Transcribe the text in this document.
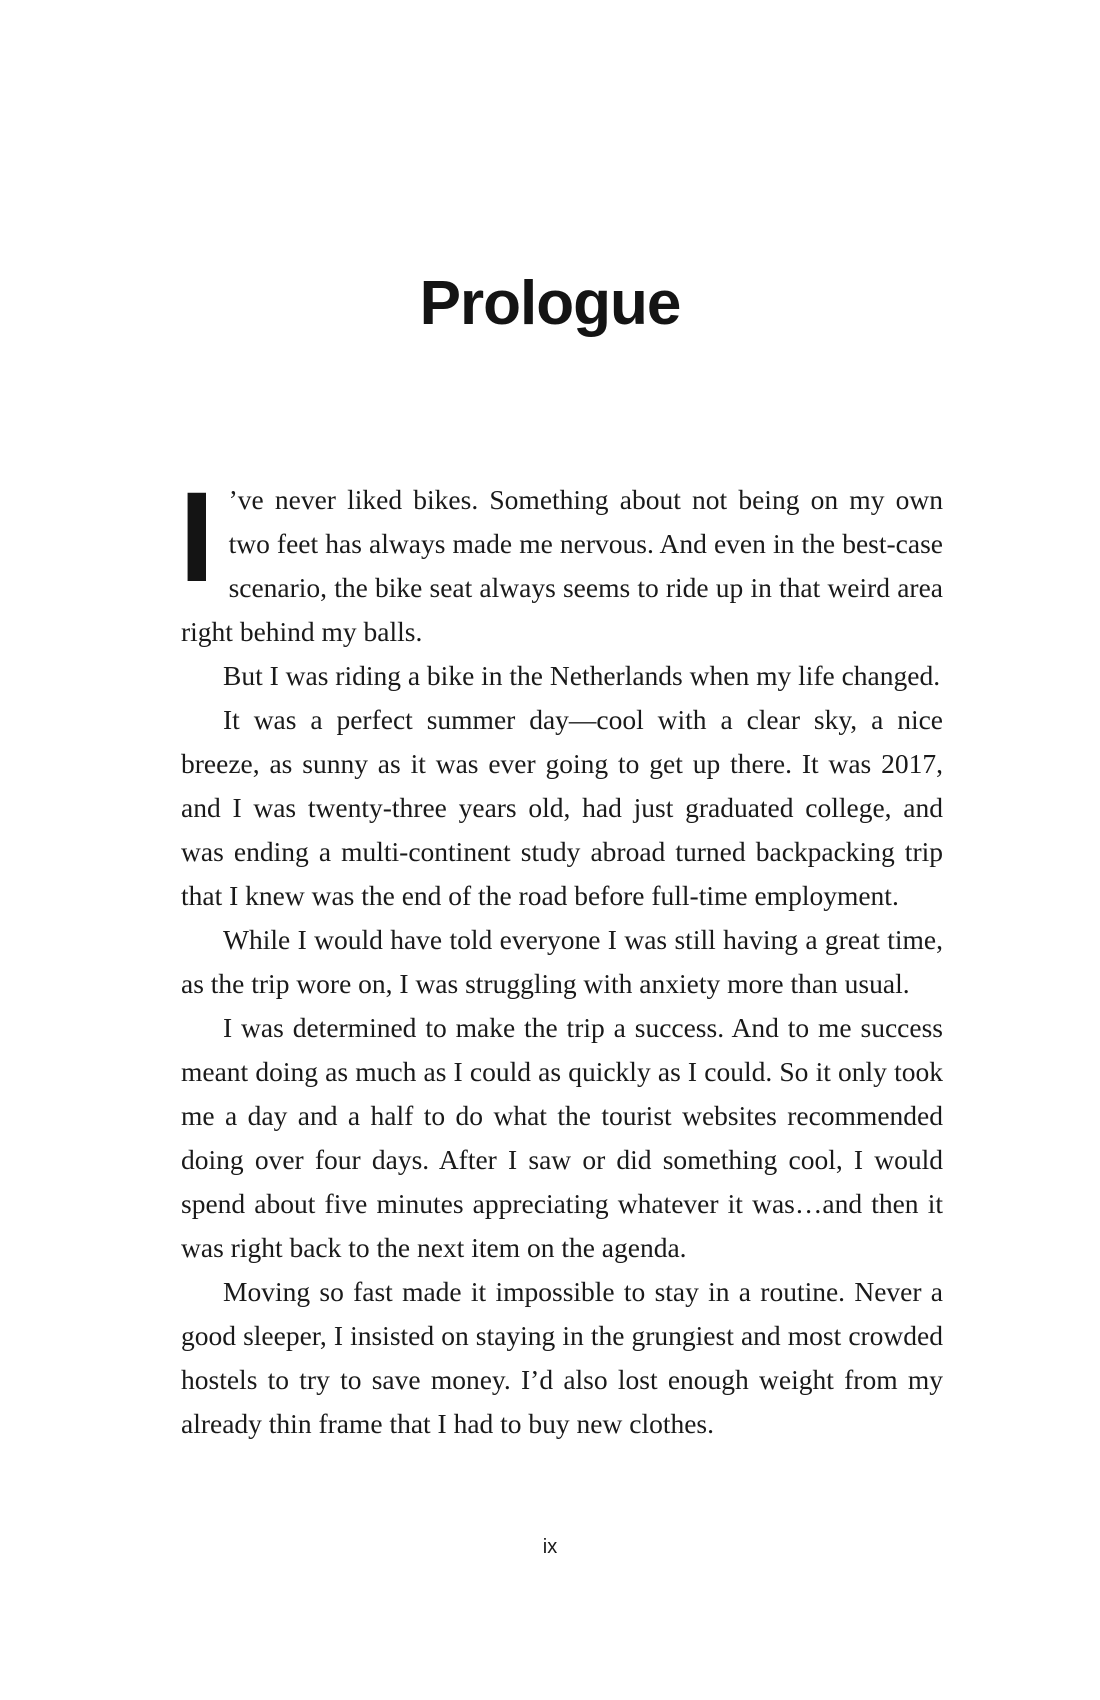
Prologue

I ’ve never liked bikes. Something about not being on my own two feet has always made me nervous. And even in the best-case scenario, the bike seat always seems to ride up in that weird area right behind my balls.

But I was riding a bike in the Netherlands when my life changed.

It was a perfect summer day—cool with a clear sky, a nice breeze, as sunny as it was ever going to get up there. It was 2017, and I was twenty-three years old, had just graduated college, and was ending a multi-continent study abroad turned backpacking trip that I knew was the end of the road before full-time employment.

While I would have told everyone I was still having a great time, as the trip wore on, I was struggling with anxiety more than usual.

I was determined to make the trip a success. And to me success meant doing as much as I could as quickly as I could. So it only took me a day and a half to do what the tourist websites recommended doing over four days. After I saw or did something cool, I would spend about five minutes appreciating whatever it was…and then it was right back to the next item on the agenda.

Moving so fast made it impossible to stay in a routine. Never a good sleeper, I insisted on staying in the grungiest and most crowded hostels to try to save money. I’d also lost enough weight from my already thin frame that I had to buy new clothes.

ix
